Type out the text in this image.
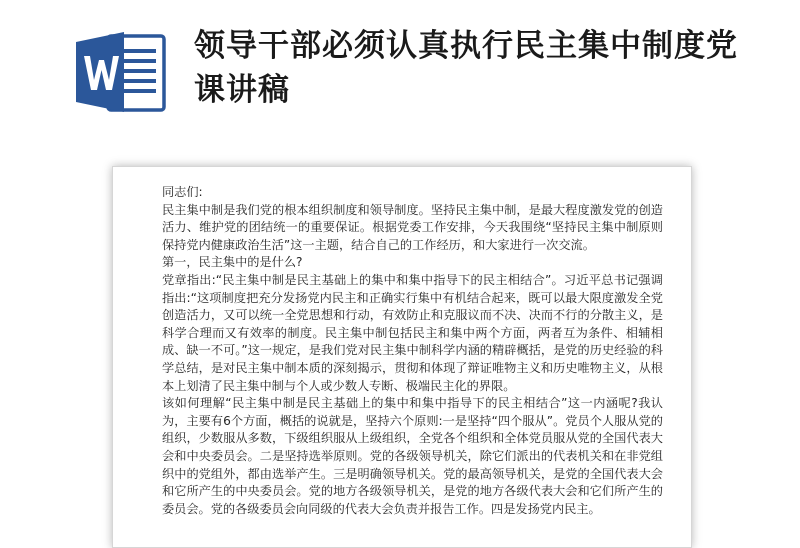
领导干部必须认真执行民主集中制度党课讲稿

同志们:

民主集中制是我们党的根本组织制度和领导制度。坚持民主集中制，是最大程度激发党的创造活力、维护党的团结统一的重要保证。根据党委工作安排，今天我围绕“坚持民主集中制原则保持党内健康政治生活”这一主题，结合自己的工作经历，和大家进行一次交流。

第一，民主集中的是什么?

党章指出:“民主集中制是民主基础上的集中和集中指导下的民主相结合”。习近平总书记强调指出:“这项制度把充分发扬党内民主和正确实行集中有机结合起来，既可以最大限度激发全党创造活力，又可以统一全党思想和行动，有效防止和克服议而不决、决而不行的分散主义，是科学合理而又有效率的制度。民主集中制包括民主和集中两个方面，两者互为条件、相辅相成、缺一不可。”这一规定，是我们党对民主集中制科学内涵的精辟概括，是党的历史经验的科学总结，是对民主集中制本质的深刻揭示，贯彻和体现了辩证唯物主义和历史唯物主义，从根本上划清了民主集中制与个人或少数人专断、极端民主化的界限。

该如何理解“民主集中制是民主基础上的集中和集中指导下的民主相结合”这一内涵呢?我认为，主要有6个方面，概括的说就是，坚持六个原则:一是坚持“四个服从”。党员个人服从党的组织，少数服从多数，下级组织服从上级组织，全党各个组织和全体党员服从党的全国代表大会和中央委员会。二是坚持选举原则。党的各级领导机关，除它们派出的代表机关和在非党组织中的党组外，都由选举产生。三是明确领导机关。党的最高领导机关，是党的全国代表大会和它所产生的中央委员会。党的地方各级领导机关，是党的地方各级代表大会和它们所产生的委员会。党的各级委员会向同级的代表大会负责并报告工作。四是发扬党内民主。
